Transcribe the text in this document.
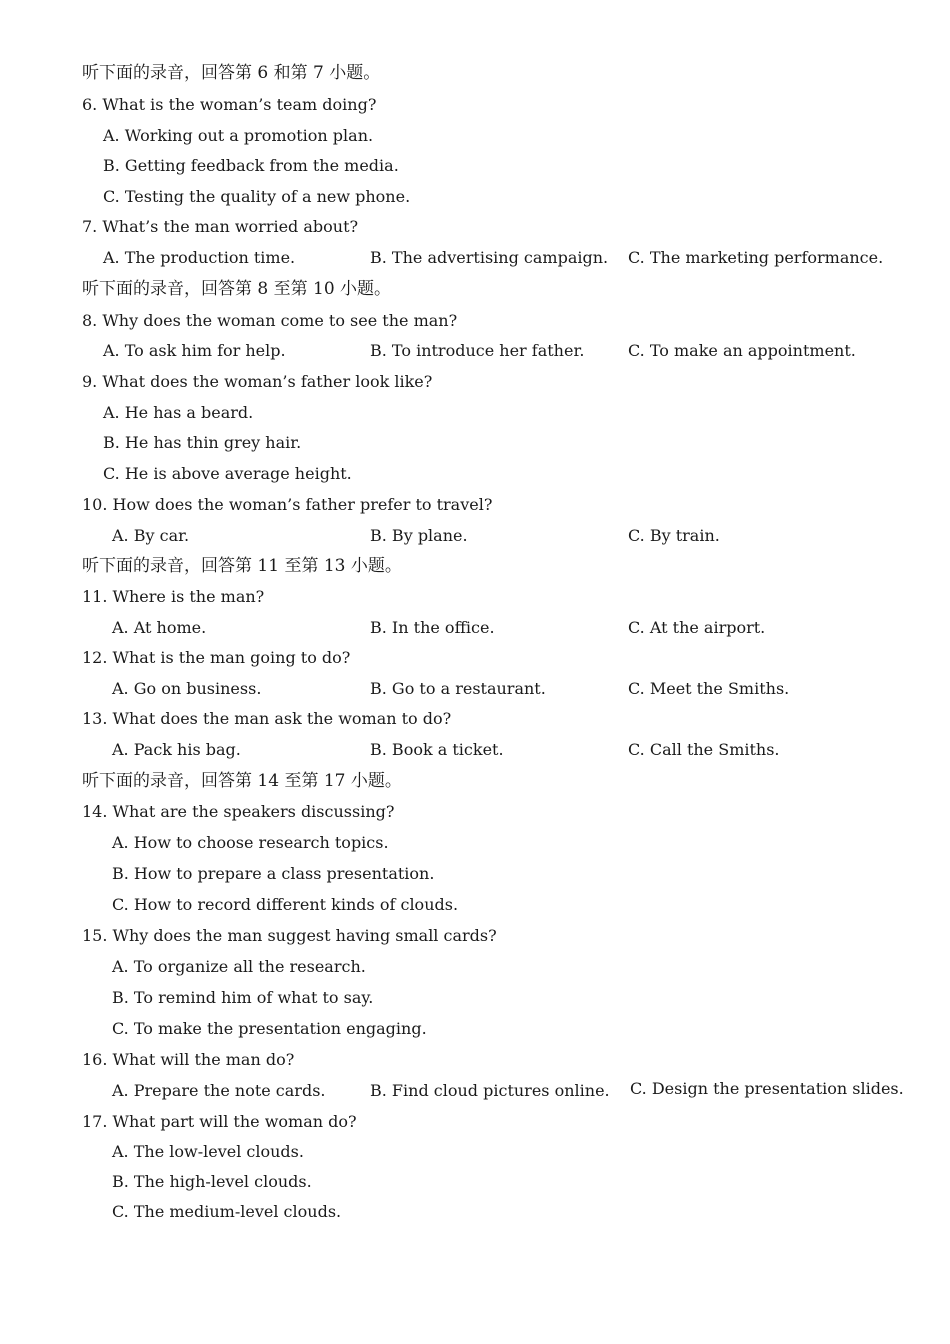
听下面的录音，回答第 6 和第 7 小题。
6. What is the woman’s team doing?
A. Working out a promotion plan.
B. Getting feedback from the media.
C. Testing the quality of a new phone.
7. What’s the man worried about?
A. The production time.	B. The advertising campaign. C. The marketing performance.
听下面的录音，回答第 8 至第 10 小题。
8. Why does the woman come to see the man?
A. To ask him for help.	B. To introduce her father.	C. To make an appointment.
9. What does the woman’s father look like?
A. He has a beard.
B. He has thin grey hair.
C. He is above average height.
10. How does the woman’s father prefer to travel?
A. By car.	B. By plane.	C. By train.
听下面的录音，回答第 11 至第 13 小题。
11. Where is the man?
A. At home.	B. In the office.	C. At the airport.
12. What is the man going to do?
A. Go on business.	B. Go to a restaurant.	C. Meet the Smiths.
13. What does the man ask the woman to do?
A. Pack his bag.	B. Book a ticket.	C. Call the Smiths.
听下面的录音，回答第 14 至第 17 小题。
14. What are the speakers discussing?
A. How to choose research topics.
B. How to prepare a class presentation.
C. How to record different kinds of clouds.
15. Why does the man suggest having small cards?
A. To organize all the research.
B. To remind him of what to say.
C. To make the presentation engaging.
16. What will the man do?
A. Prepare the note cards.	B. Find cloud pictures online. C. Design the presentation slides.
17. What part will the woman do?
A. The low-level clouds.
B. The high-level clouds.
C. The medium-level clouds.
